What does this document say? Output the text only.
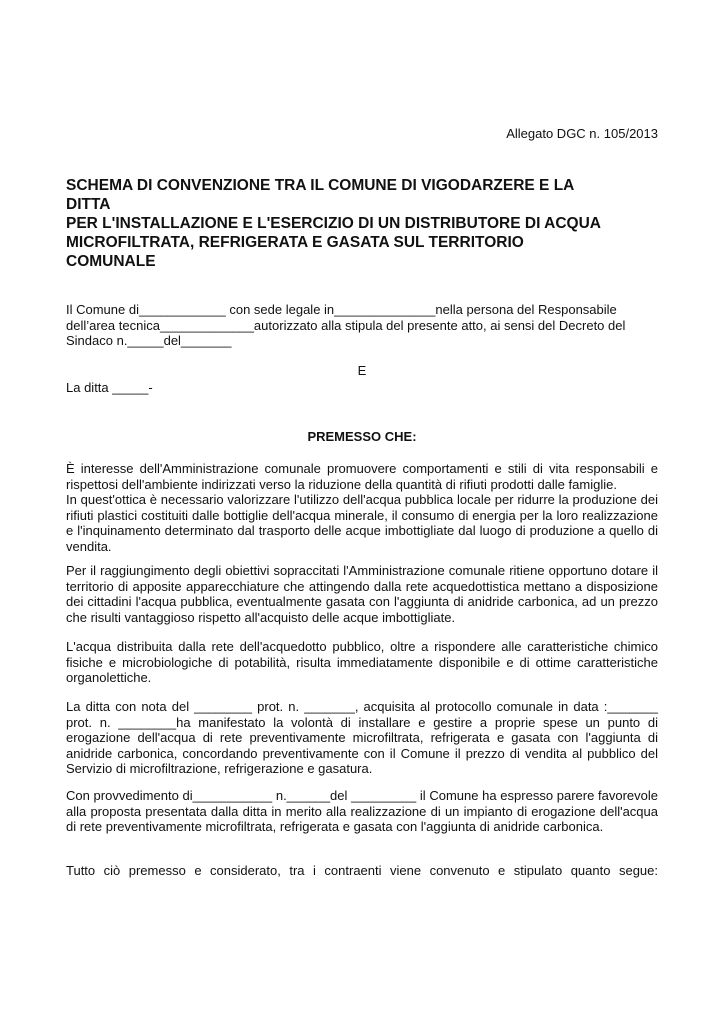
Allegato DGC n. 105/2013
SCHEMA DI CONVENZIONE TRA IL COMUNE DI VIGODARZERE E LA
DITTA
PER L'INSTALLAZIONE E L'ESERCIZIO DI UN DISTRIBUTORE DI ACQUA
MICROFILTRATA, REFRIGERATA E GASATA SUL TERRITORIO
COMUNALE
Il Comune di____________ con sede legale in______________nella persona del Responsabile
dell’area tecnica_____________autorizzato alla stipula del presente atto, ai sensi del Decreto del
Sindaco n._____del_______
E
La ditta _____-
PREMESSO CHE:
È interesse dell'Amministrazione comunale promuovere comportamenti e stili di vita responsabili e rispettosi dell'ambiente indirizzati verso la riduzione della quantità di rifiuti prodotti dalle famiglie.
In quest'ottica è necessario valorizzare l'utilizzo dell'acqua pubblica locale per ridurre la produzione dei rifiuti plastici costituiti dalle bottiglie dell'acqua minerale, il consumo di energia per la loro realizzazione e l'inquinamento determinato dal trasporto delle acque imbottigliate dal luogo di produzione a quello di vendita.
Per il raggiungimento degli obiettivi sopraccitati l'Amministrazione comunale ritiene opportuno dotare il territorio di apposite apparecchiature che attingendo dalla rete acquedottistica mettano a disposizione dei cittadini l'acqua pubblica, eventualmente gasata con l'aggiunta di anidride carbonica, ad un prezzo che risulti vantaggioso rispetto all'acquisto delle acque imbottigliate.
L'acqua distribuita dalla rete dell'acquedotto pubblico, oltre a rispondere alle caratteristiche chimico fisiche e microbiologiche di potabilità, risulta immediatamente disponibile e di ottime caratteristiche organolettiche.
La ditta con nota del ________ prot. n. _______, acquisita al protocollo comunale in data :_______ prot. n. ________ha manifestato la volontà di installare e gestire a proprie spese un punto di erogazione dell'acqua di rete preventivamente microfiltrata, refrigerata e gasata con l'aggiunta di anidride carbonica, concordando preventivamente con il Comune il prezzo di vendita al pubblico del Servizio di microfiltrazione, refrigerazione e gasatura.
Con provvedimento di___________ n.______del _________ il Comune ha espresso parere favorevole alla proposta presentata dalla ditta in merito alla realizzazione di un impianto di erogazione dell'acqua di rete preventivamente microfiltrata, refrigerata e gasata con l'aggiunta di anidride carbonica.
Tutto ciò premesso e considerato, tra i contraenti viene convenuto e stipulato quanto segue:
